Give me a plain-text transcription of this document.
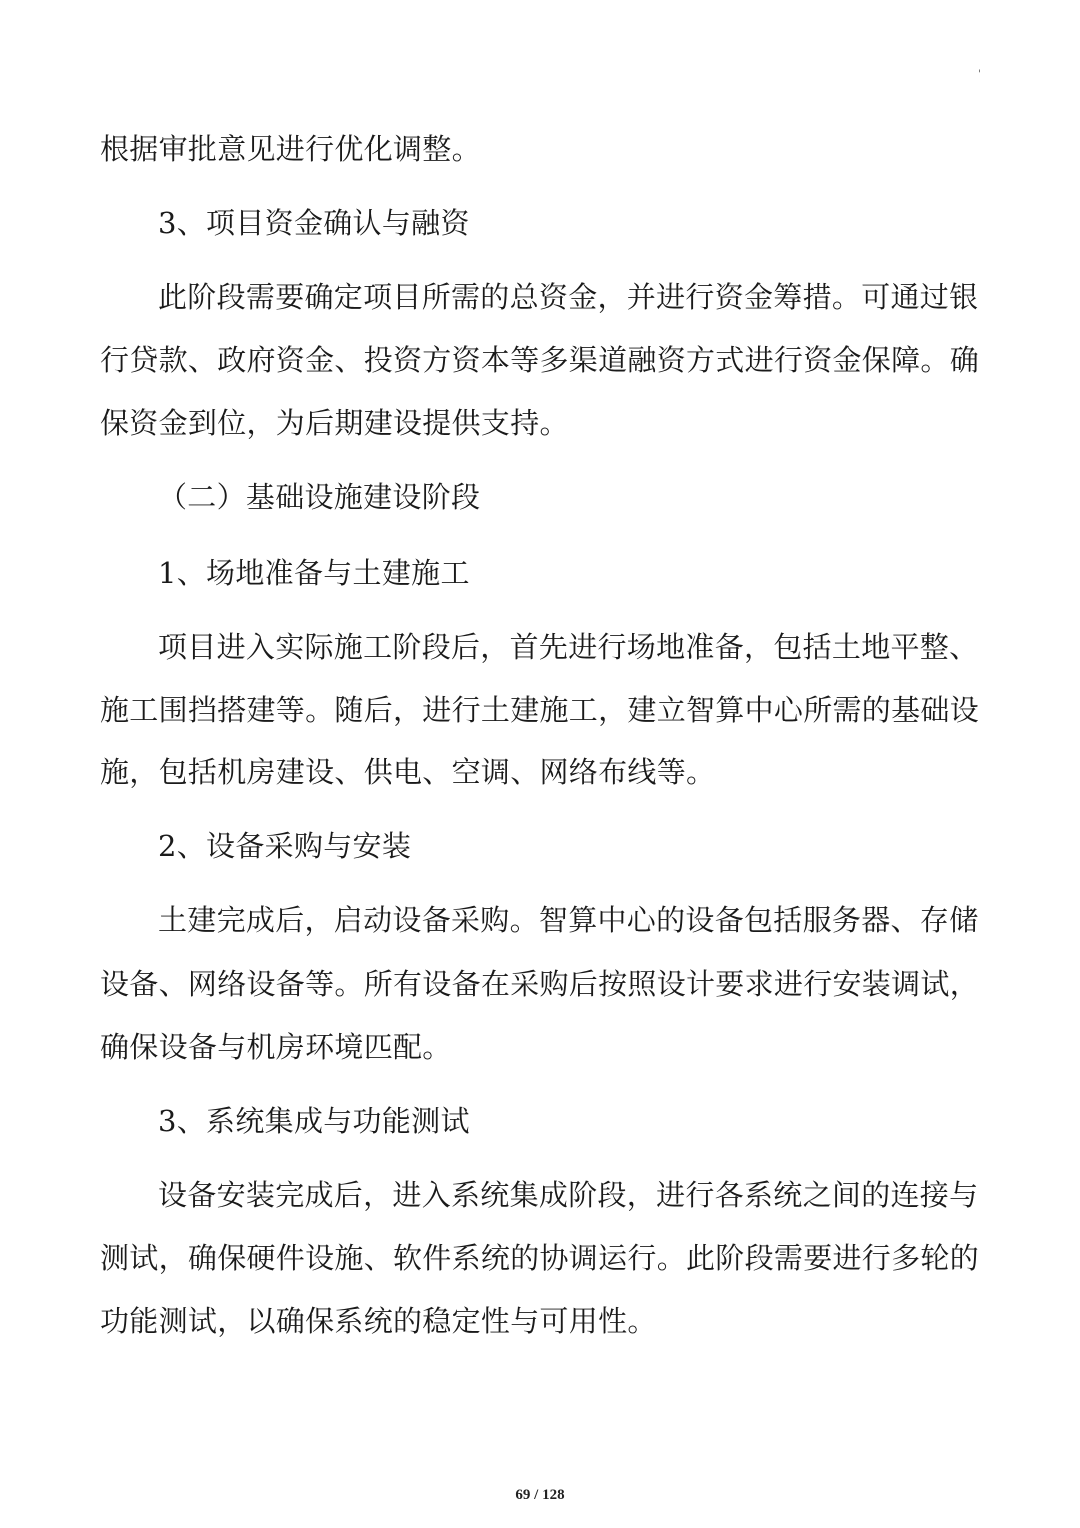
'
根据审批意见进行优化调整。
3、项目资金确认与融资
此阶段需要确定项目所需的总资金，并进行资金筹措。可通过银
行贷款、政府资金、投资方资本等多渠道融资方式进行资金保障。确
保资金到位，为后期建设提供支持。
（二）基础设施建设阶段
1、场地准备与土建施工
项目进入实际施工阶段后，首先进行场地准备，包括土地平整、
施工围挡搭建等。随后，进行土建施工，建立智算中心所需的基础设
施，包括机房建设、供电、空调、网络布线等。
2、设备采购与安装
土建完成后，启动设备采购。智算中心的设备包括服务器、存储
设备、网络设备等。所有设备在采购后按照设计要求进行安装调试，
确保设备与机房环境匹配。
3、系统集成与功能测试
设备安装完成后，进入系统集成阶段，进行各系统之间的连接与
测试，确保硬件设施、软件系统的协调运行。此阶段需要进行多轮的
功能测试，以确保系统的稳定性与可用性。
69 / 128
